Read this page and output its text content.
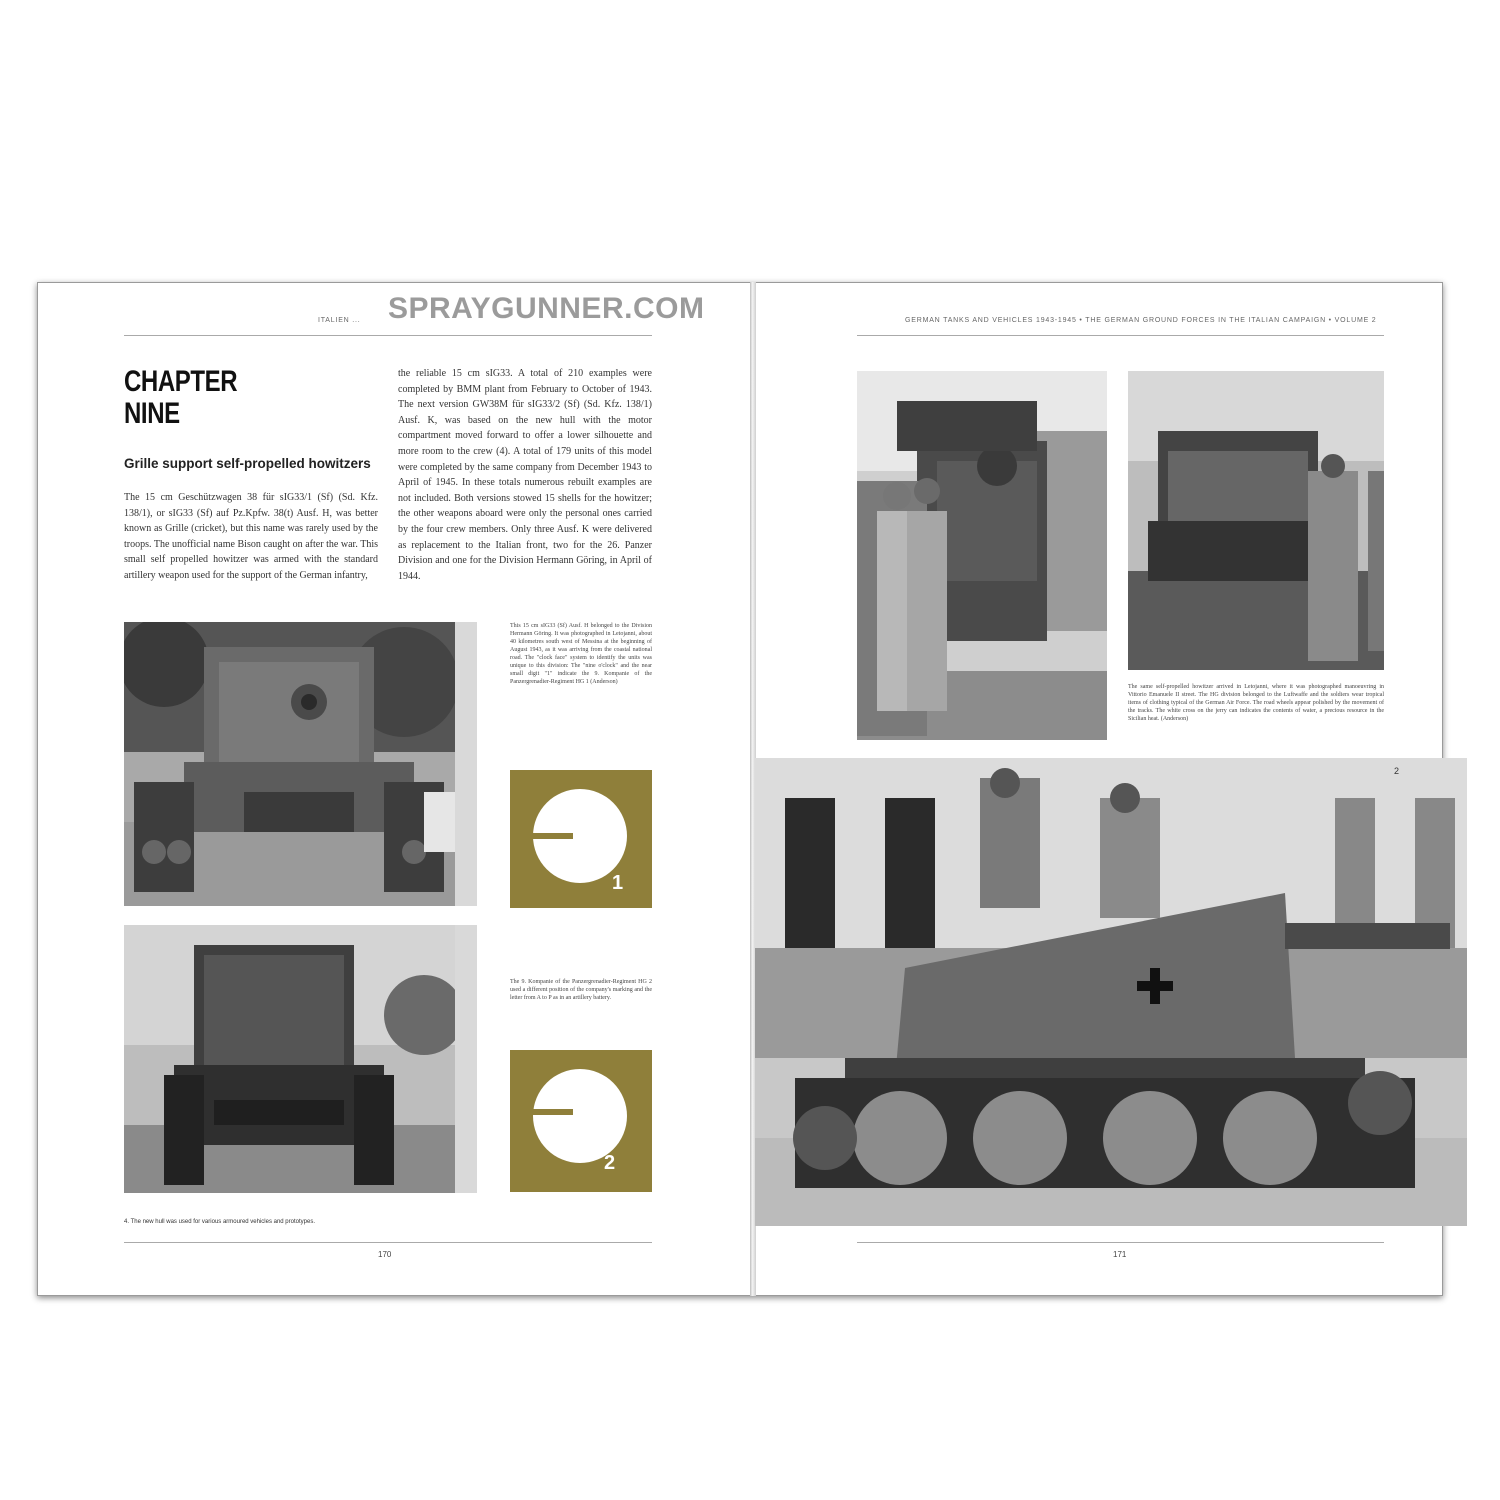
SPRAYGUNNER.COM
ITALIEN ...
CHAPTER
NINE
Grille support self-propelled howitzers
The 15 cm Geschützwagen 38 für sIG33/1 (Sf) (Sd. Kfz. 138/1), or sIG33 (Sf) auf Pz.Kpfw. 38(t) Ausf. H, was better known as Grille (cricket), but this name was rarely used by the troops. The unofficial name Bison caught on after the war. This small self propelled howitzer was armed with the standard artillery weapon used for the support of the German infantry,
the reliable 15 cm sIG33. A total of 210 examples were completed by BMM plant from February to October of 1943. The next version GW38M für sIG33/2 (Sf) (Sd. Kfz. 138/1) Ausf. K, was based on the new hull with the motor compartment moved forward to offer a lower silhouette and more room to the crew (4). A total of 179 units of this model were completed by the same company from December 1943 to April of 1945. In these totals numerous rebuilt examples are not included. Both versions stowed 15 shells for the howitzer; the other weapons aboard were only the personal ones carried by the four crew members. Only three Ausf. K were delivered as replacement to the Italian front, two for the 26. Panzer Division and one for the Division Hermann Göring, in April of 1944.
This 15 cm sIG33 (Sf) Ausf. H belonged to the Division Hermann Göring. It was photographed in Letojanni, about 40 kilometres south west of Messina at the beginning of August 1943, as it was arriving from the coastal national road. The "clock face" system to identify the units was unique to this division: The "nine o'clock" and the near small digit "1" indicate the 9. Kompanie of the Panzergrenadier-Regiment HG 1 (Anderson)
1
The 9. Kompanie of the Panzergrenadier-Regiment HG 2 used a different position of the company's marking and the letter from A to P as in an artillery battery.
2
4. The new hull was used for various armoured vehicles and prototypes.
170
GERMAN TANKS AND VEHICLES 1943-1945 • THE GERMAN GROUND FORCES IN THE ITALIAN CAMPAIGN • VOLUME 2
The same self-propelled howitzer arrived in Letojanni, where it was photographed manoeuvring in Vittorio Emanuele II street. The HG division belonged to the Luftwaffe and the soldiers wear tropical items of clothing typical of the German Air Force. The road wheels appear polished by the movement of the tracks. The white cross on the jerry can indicates the contents of water, a precious resource in the Sicilian heat. (Anderson)
2
171
